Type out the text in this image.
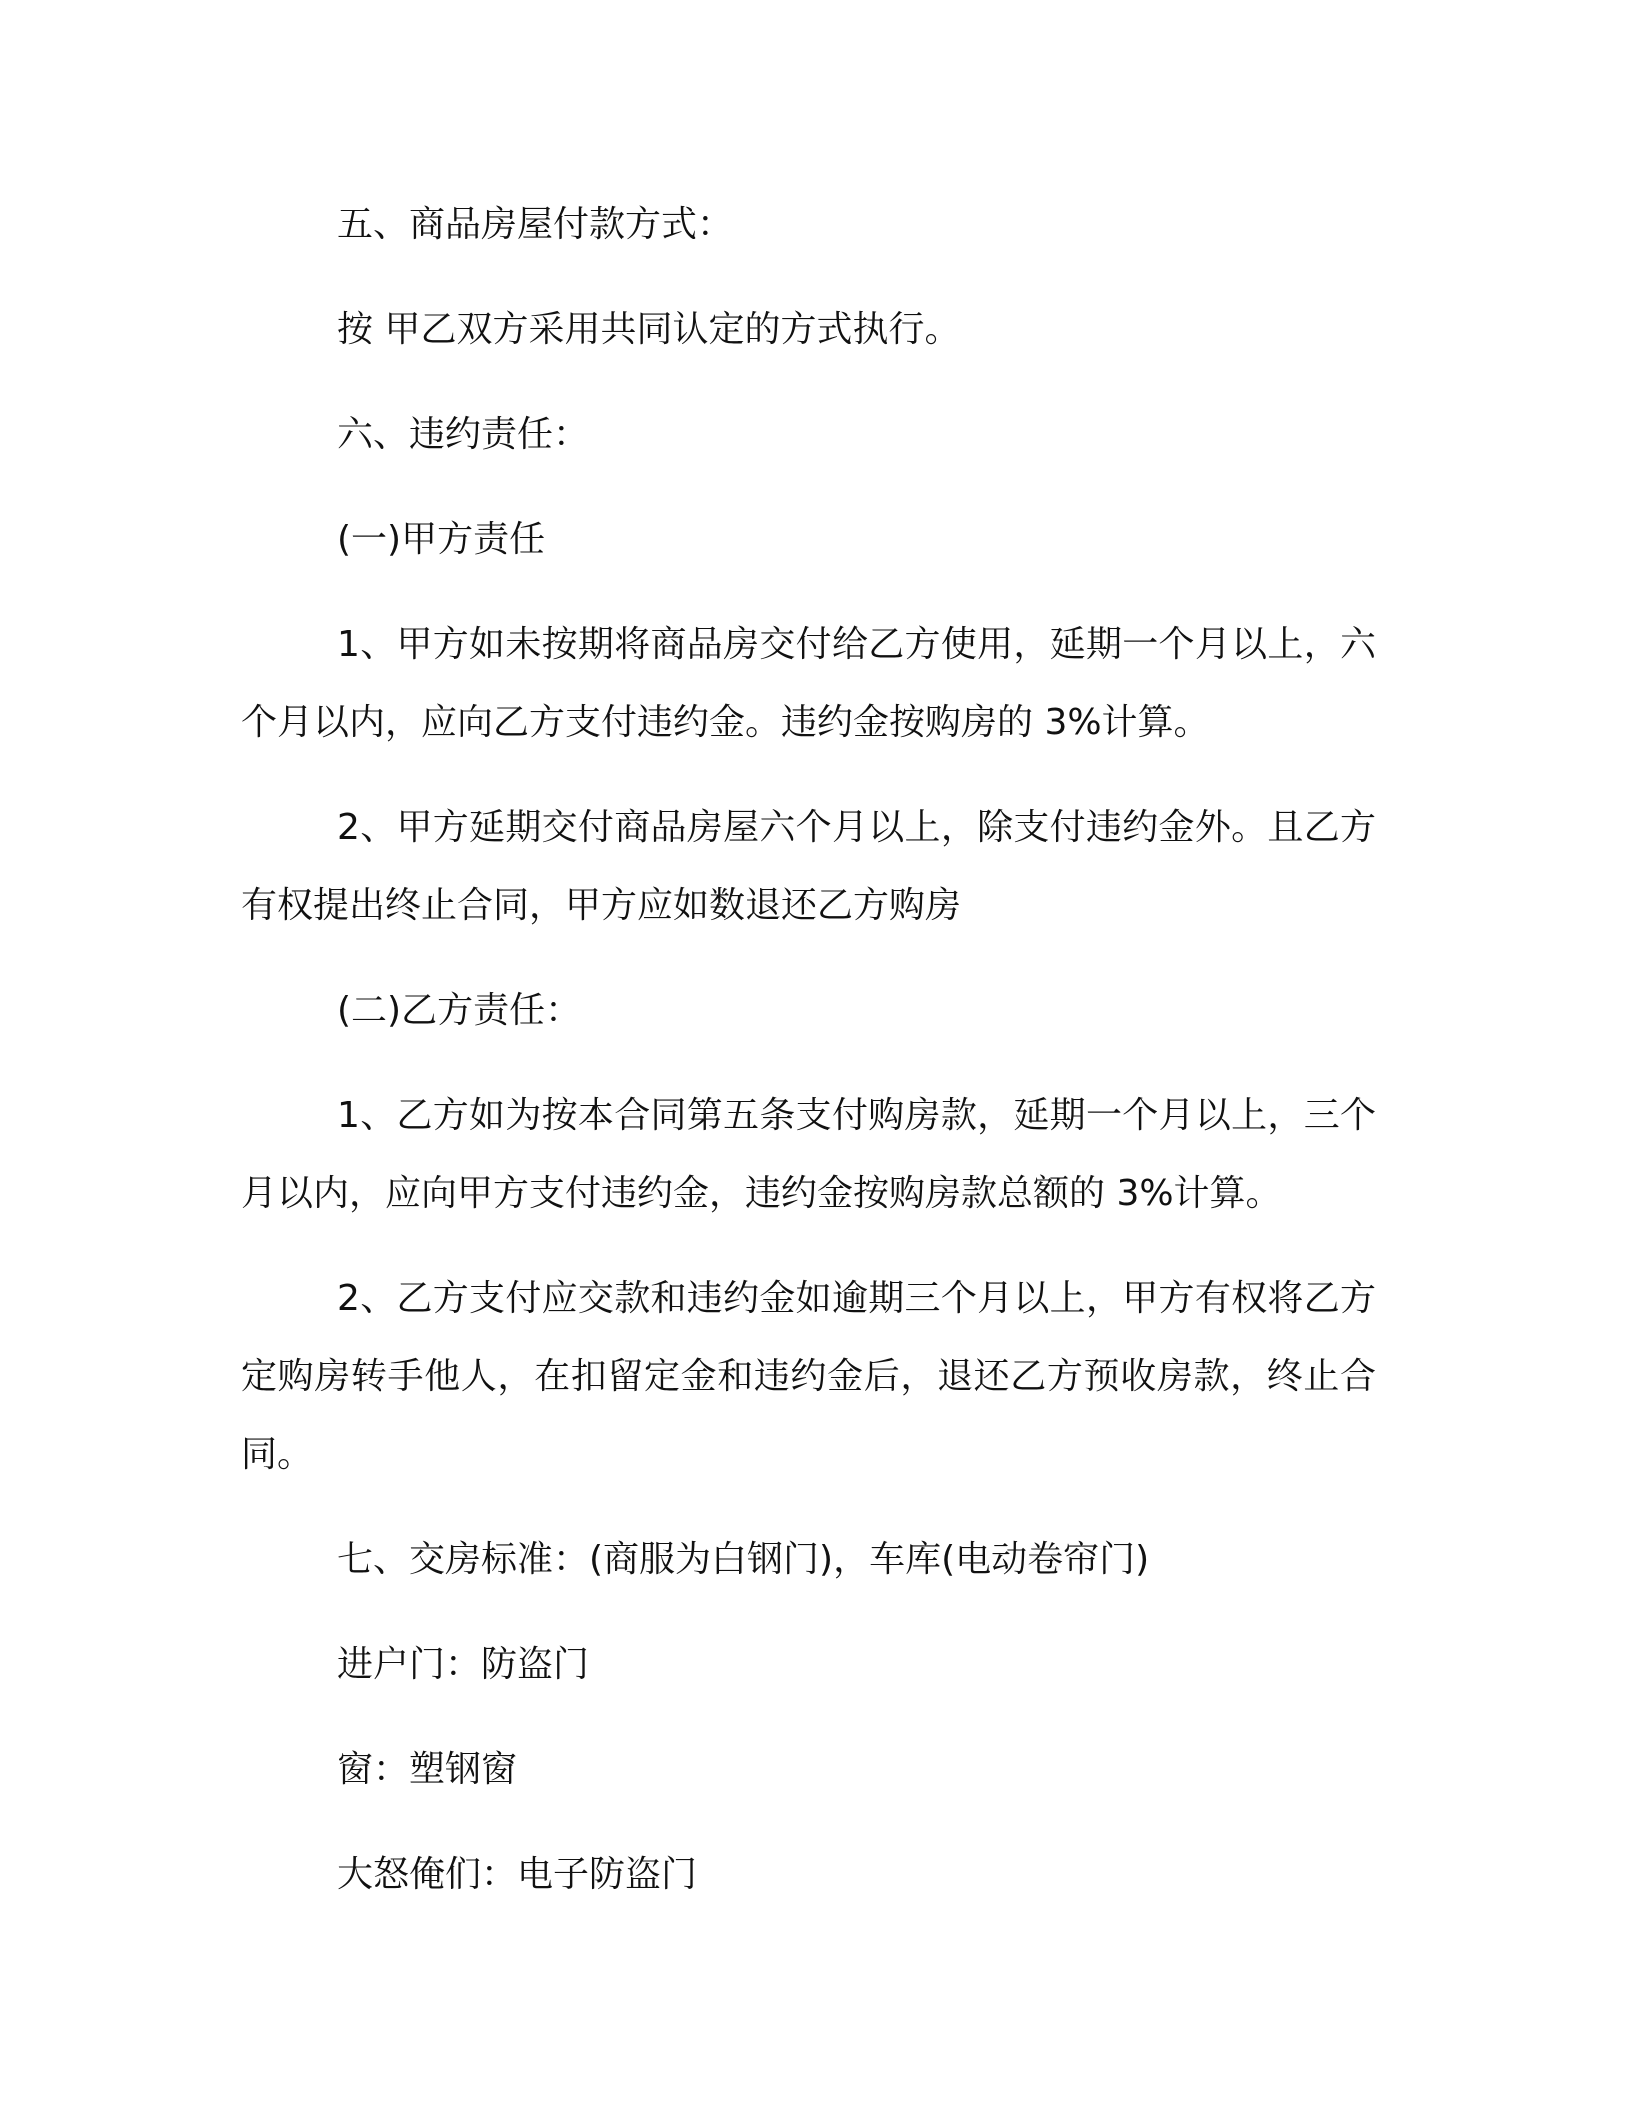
五、商品房屋付款方式：

按 甲乙双方采用共同认定的方式执行。

六、违约责任：

(一)甲方责任

1、甲方如未按期将商品房交付给乙方使用，延期一个月以上，六个月以内，应向乙方支付违约金。违约金按购房的 3%计算。

2、甲方延期交付商品房屋六个月以上，除支付违约金外。且乙方有权提出终止合同，甲方应如数退还乙方购房

(二)乙方责任：

1、乙方如为按本合同第五条支付购房款，延期一个月以上，三个月以内，应向甲方支付违约金，违约金按购房款总额的 3%计算。

2、乙方支付应交款和违约金如逾期三个月以上，甲方有权将乙方定购房转手他人，在扣留定金和违约金后，退还乙方预收房款，终止合同。

七、交房标准：(商服为白钢门)，车库(电动卷帘门)

进户门：防盗门

窗：塑钢窗

大怒俺们：电子防盗门
